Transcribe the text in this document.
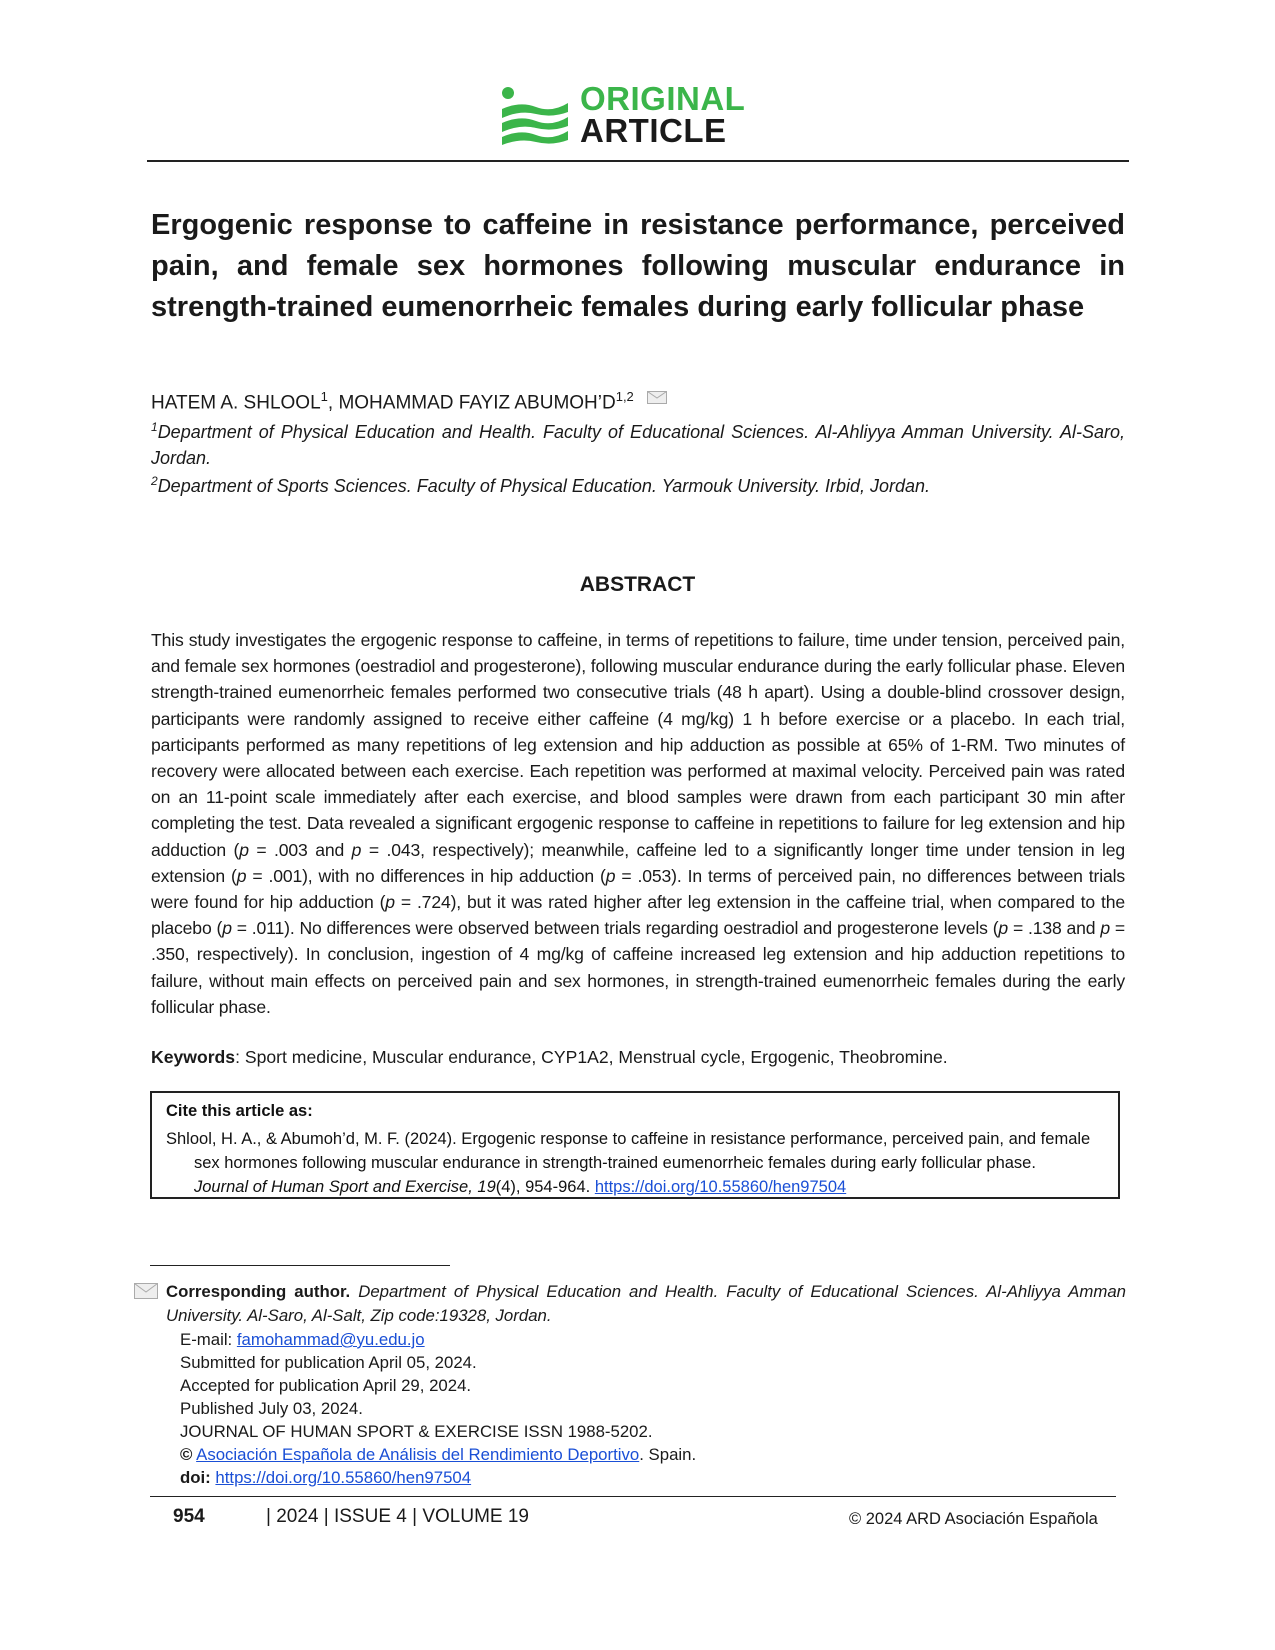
ORIGINAL
ARTICLE
Ergogenic response to caffeine in resistance performance, perceived pain, and female sex hormones following muscular endurance in strength-trained eumenorrheic females during early follicular phase
HATEM A. SHLOOL$^1$, MOHAMMAD FAYIZ $ABUMOH’D^{1,2}$
$^1$Department of Physical Education and Health. Faculty of Educational Sciences. Al-Ahliyya Amman University. Al-Saro, Jordan.
$^2$Department of Sports Sciences. Faculty of Physical Education. Yarmouk University. Irbid, Jordan.
ABSTRACT
This study investigates the ergogenic response to caffeine, in terms of repetitions to failure, time under tension, perceived pain, and female sex hormones (oestradiol and progesterone), following muscular endurance during the early follicular phase. Eleven strength-trained eumenorrheic females performed two consecutive trials (48 h apart). Using a double-blind crossover design, participants were randomly assigned to receive either caffeine (4 mg/kg) 1 h before exercise or a placebo. In each trial, participants performed as many repetitions of leg extension and hip adduction as possible at 65% of 1-RM. Two minutes of recovery were allocated between each exercise. Each repetition was performed at maximal velocity. Perceived pain was rated on an 11-point scale immediately after each exercise, and blood samples were drawn from each participant 30 min after completing the test. Data revealed a significant ergogenic response to caffeine in repetitions to failure for leg extension and hip adduction (p = .003 and p = .043, respectively); meanwhile, caffeine led to a significantly longer time under tension in leg extension (p = .001), with no differences in hip adduction (p = .053). In terms of perceived pain, no differences between trials were found for hip adduction (p = .724), but it was rated higher after leg extension in the caffeine trial, when compared to the placebo (p = .011). No differences were observed between trials regarding oestradiol and progesterone levels (p = .138 and p = .350, respectively). In conclusion, ingestion of 4 mg/kg of caffeine increased leg extension and hip adduction repetitions to failure, without main effects on perceived pain and sex hormones, in strength-trained eumenorrheic females during the early follicular phase.
Keywords: Sport medicine, Muscular endurance, CYP1A2, Menstrual cycle, Ergogenic, Theobromine.
Cite this article as:
Shlool, H. A., & Abumoh’d, M. F. (2024). Ergogenic response to caffeine in resistance performance, perceived pain, and female
sex hormones following muscular endurance in strength-trained eumenorrheic females during early follicular phase.
Journal of Human Sport and Exercise, 19(4), 954-964. https://doi.org/10.55860/hen97504
Corresponding author. Department of Physical Education and Health. Faculty of Educational Sciences. Al-Ahliyya Amman University. Al-Saro, Al-Salt, Zip code:19328, Jordan.
E-mail: famohammad@yu.edu.jo
Submitted for publication April 05, 2024.
Accepted for publication April 29, 2024.
Published July 03, 2024.
JOURNAL OF HUMAN SPORT & EXERCISE ISSN 1988-5202.
© Asociación Española de Análisis del Rendimiento Deportivo. Spain.
doi: https://doi.org/10.55860/hen97504
954	| 2024 | ISSUE 4 | VOLUME 19	© 2024 ARD Asociación Española
